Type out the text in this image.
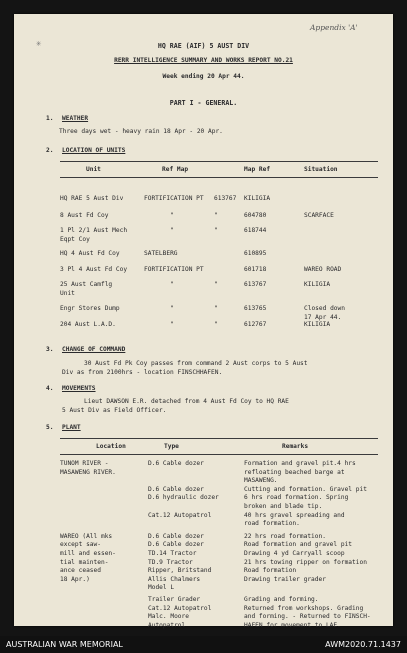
Appendix 'A'
✳	HQ RAE (AIF) 5 AUST DIV
RERR INTELLIGENCE SUMMARY AND WORKS REPORT NO.21
Week ending 20 Apr 44.
PART I - GENERAL.
1. WEATHER
Three days wet - heavy rain 18 Apr - 20 Apr.
2. LOCATION OF UNITS
Unit	Ref Map	Map Ref	Situation
HQ RAE 5 Aust Div	FORTIFICATION PT 613767 KILIGIA
8 Aust Fd Coy	"	"	604780	SCARFACE
1 Pl 2/1 Aust Mech	"	"	618744
Eqpt Coy
HQ 4 Aust Fd Coy	SATELBERG	610895
3 Pl 4 Aust Fd Coy	FORTIFICATION PT	601718	WAREO ROAD
25 Aust Camflg	"	"	613767	KILIGIA
Unit
Engr Stores Dump	"	"	613765	Closed down
17 Apr 44.
204 Aust L.A.D.	"	"	612767	KILIGIA
3. CHANGE OF COMMAND
30 Aust Fd Pk Coy passes from command 2 Aust corps to 5 Aust
Div as from 2100hrs - location FINSCHHAFEN.
4. MOVEMENTS
Lieut DAWSON E.R. detached from 4 Aust Fd Coy to HQ RAE
5 Aust Div as Field Officer.
5. PLANT
Location	Type	Remarks
TUNOM RIVER -	D.6 Cable dozer	Formation and gravel pit.4 hrs
MASAWENG RIVER.	refloating beached barge at
MASAWENG.
D.6 Cable dozer	Cutting and formation. Gravel pit
D.6 hydraulic dozer	6 hrs road formation. Spring
broken and blade tip.
Cat.12 Autopatrol	40 hrs gravel spreading and
road formation.
WAREO (All mks	D.6 Cable dozer	22 hrs road formation.
except saw-	D.6 Cable dozer	Road formation and gravel pit
mill and essen-	TD.14 Tractor	Drawing 4 yd Carryall scoop
tial mainten-	TD.9 Tractor	21 hrs towing ripper on formation
ance ceased	Ripper, Britstand	Road formation
18 Apr.)	Allis Chalmers	Drawing trailer grader
Model L
Trailer Grader	Grading and forming.
Cat.12 Autopatrol	Returned from workshops. Grading
Malc. Moore	and forming. - Returned to FINSCH-
Autopatrol	HAFEN for movement to LAE.
AUSTRALIAN WAR MEMORIAL	AWM2020.71.1437
